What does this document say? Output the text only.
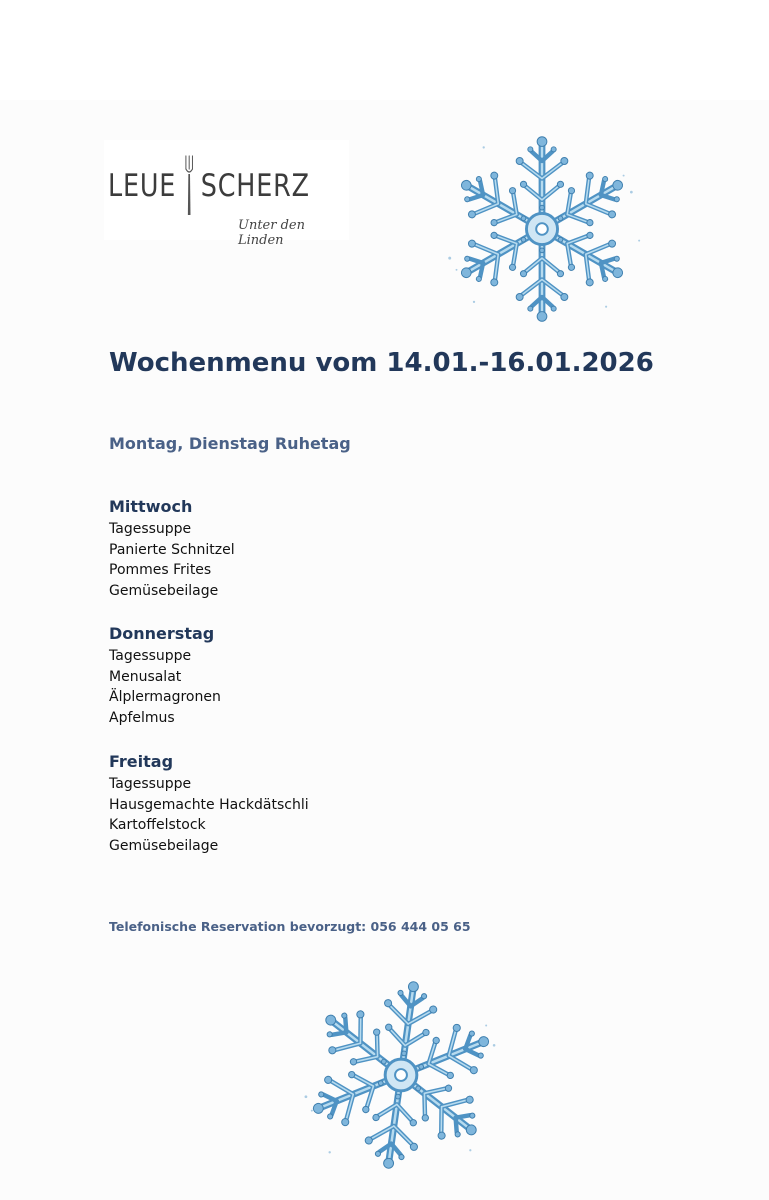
LEUE SCHERZ
Unter den Linden
Wochenmenu vom 14.01.-16.01.2026
Montag, Dienstag Ruhetag
Mittwoch
Tagessuppe
Panierte Schnitzel
Pommes Frites
Gemüsebeilage
Donnerstag
Tagessuppe
Menusalat
Älplermagronen
Apfelmus
Freitag
Tagessuppe
Hausgemachte Hackdätschli
Kartoffelstock
Gemüsebeilage
Telefonische Reservation bevorzugt: 056 444 05 65
